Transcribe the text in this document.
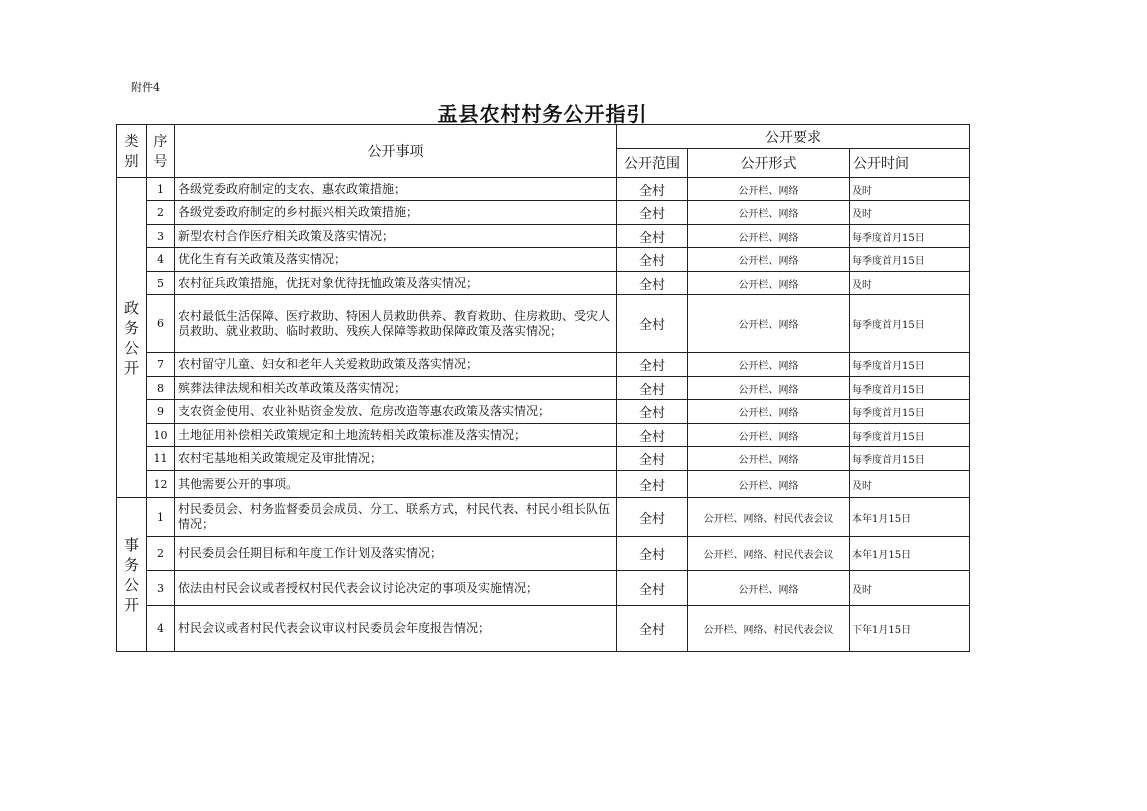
附件4
盂县农村村务公开指引
类
别	序
号	公开事项	公开要求		
			公开范围	公开形式	公开时间

政
务
公
开	1	各级党委政府制定的支农、惠农政策措施；	全村	公开栏、网络	及时
	2	各级党委政府制定的乡村振兴相关政策措施；	全村	公开栏、网络	及时
	3	新型农村合作医疗相关政策及落实情况；	全村	公开栏、网络	每季度首月15日
	4	优化生育有关政策及落实情况；	全村	公开栏、网络	每季度首月15日
	5	农村征兵政策措施，优抚对象优待抚恤政策及落实情况；	全村	公开栏、网络	及时
	6	农村最低生活保障、医疗救助、特困人员救助供养、教育救助、住房救助、受灾人员救助、就业救助、临时救助、残疾人保障等救助保障政策及落实情况；	全村	公开栏、网络	每季度首月15日
	7	农村留守儿童、妇女和老年人关爱救助政策及落实情况；	全村	公开栏、网络	每季度首月15日
	8	殡葬法律法规和相关改革政策及落实情况；	全村	公开栏、网络	每季度首月15日
	9	支农资金使用、农业补贴资金发放、危房改造等惠农政策及落实情况；	全村	公开栏、网络	每季度首月15日
	10	土地征用补偿相关政策规定和土地流转相关政策标准及落实情况；	全村	公开栏、网络	每季度首月15日
	11	农村宅基地相关政策规定及审批情况；	全村	公开栏、网络	每季度首月15日
	12	其他需要公开的事项。	全村	公开栏、网络	及时

事
务
公
开	1	村民委员会、村务监督委员会成员、分工、联系方式，村民代表、村民小组长队伍情况；	全村	公开栏、网络、村民代表会议	本年1月15日
	2	村民委员会任期目标和年度工作计划及落实情况；	全村	公开栏、网络、村民代表会议	本年1月15日
	3	依法由村民会议或者授权村民代表会议讨论决定的事项及实施情况；	全村	公开栏、网络	及时
	4	村民会议或者村民代表会议审议村民委员会年度报告情况；	全村	公开栏、网络、村民代表会议	下年1月15日
